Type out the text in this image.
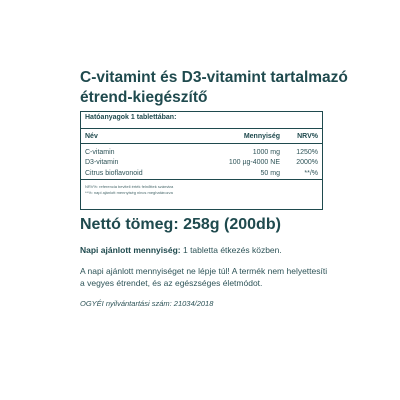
C-vitamint és D3-vitamint tartalmazó étrend-kiegészítő
Hatóanyagok 1 tablettában:
Név	Mennyiség	NRV%
C-vitamin	1000 mg	1250%
D3-vitamin	100 µg-4000 NE	2000%
Citrus bioflavonoid	50 mg	**/%
NRV%: referencia beviteli érték felnőttek számára
**%: napi ajánlott mennyiség nincs meghatározva
Nettó tömeg: 258g (200db)
Napi ajánlott mennyiség: 1 tabletta étkezés közben.
A napi ajánlott mennyiséget ne lépje túl! A termék nem helyettesíti a vegyes étrendet, és az egészséges életmódot.
OGYÉI nyilvántartási szám: 21034/2018
